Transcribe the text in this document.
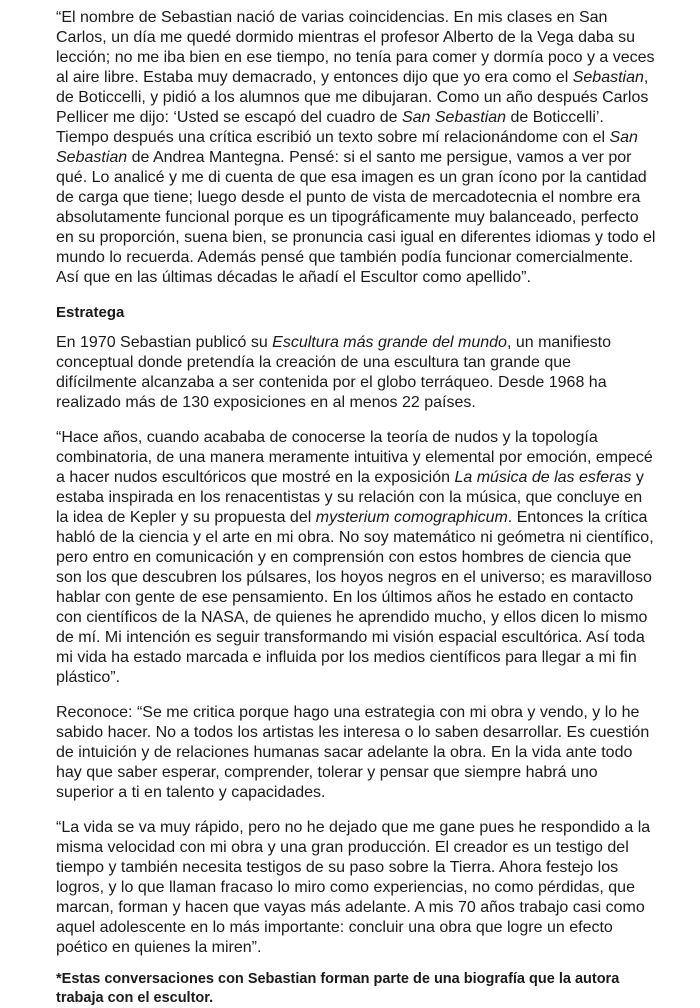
“El nombre de Sebastian nació de varias coincidencias. En mis clases en San Carlos, un día me quedé dormido mientras el profesor Alberto de la Vega daba su lección; no me iba bien en ese tiempo, no tenía para comer y dormía poco y a veces al aire libre. Estaba muy demacrado, y entonces dijo que yo era como el Sebastian, de Boticcelli, y pidió a los alumnos que me dibujaran. Como un año después Carlos Pellicer me dijo: ‘Usted se escapó del cuadro de San Sebastian de Boticcelli’. Tiempo después una crítica escribió un texto sobre mí relacionándome con el San Sebastian de Andrea Mantegna. Pensé: si el santo me persigue, vamos a ver por qué. Lo analicé y me di cuenta de que esa imagen es un gran ícono por la cantidad de carga que tiene; luego desde el punto de vista de mercadotecnia el nombre era absolutamente funcional porque es un tipográficamente muy balanceado, perfecto en su proporción, suena bien, se pronuncia casi igual en diferentes idiomas y todo el mundo lo recuerda. Además pensé que también podía funcionar comercialmente. Así que en las últimas décadas le añadí el Escultor como apellido”.

Estratega

En 1970 Sebastian publicó su Escultura más grande del mundo, un manifiesto conceptual donde pretendía la creación de una escultura tan grande que difícilmente alcanzaba a ser contenida por el globo terráqueo. Desde 1968 ha realizado más de 130 exposiciones en al menos 22 países.

“Hace años, cuando acababa de conocerse la teoría de nudos y la topología combinatoria, de una manera meramente intuitiva y elemental por emoción, empecé a hacer nudos escultóricos que mostré en la exposición La música de las esferas y estaba inspirada en los renacentistas y su relación con la música, que concluye en la idea de Kepler y su propuesta del mysterium comographicum. Entonces la crítica habló de la ciencia y el arte en mi obra. No soy matemático ni geómetra ni científico, pero entro en comunicación y en comprensión con estos hombres de ciencia que son los que descubren los púlsares, los hoyos negros en el universo; es maravilloso hablar con gente de ese pensamiento. En los últimos años he estado en contacto con científicos de la NASA, de quienes he aprendido mucho, y ellos dicen lo mismo de mí. Mi intención es seguir transformando mi visión espacial escultórica. Así toda mi vida ha estado marcada e influida por los medios científicos para llegar a mi fin plástico”.

Reconoce: “Se me critica porque hago una estrategia con mi obra y vendo, y lo he sabido hacer. No a todos los artistas les interesa o lo saben desarrollar. Es cuestión de intuición y de relaciones humanas sacar adelante la obra. En la vida ante todo hay que saber esperar, comprender, tolerar y pensar que siempre habrá uno superior a ti en talento y capacidades.

“La vida se va muy rápido, pero no he dejado que me gane pues he respondido a la misma velocidad con mi obra y una gran producción. El creador es un testigo del tiempo y también necesita testigos de su paso sobre la Tierra. Ahora festejo los logros, y lo que llaman fracaso lo miro como experiencias, no como pérdidas, que marcan, forman y hacen que vayas más adelante. A mis 70 años trabajo casi como aquel adolescente en lo más importante: concluir una obra que logre un efecto poético en quienes la miren”.

*Estas conversaciones con Sebastian forman parte de una biografía que la autora trabaja con el escultor.
